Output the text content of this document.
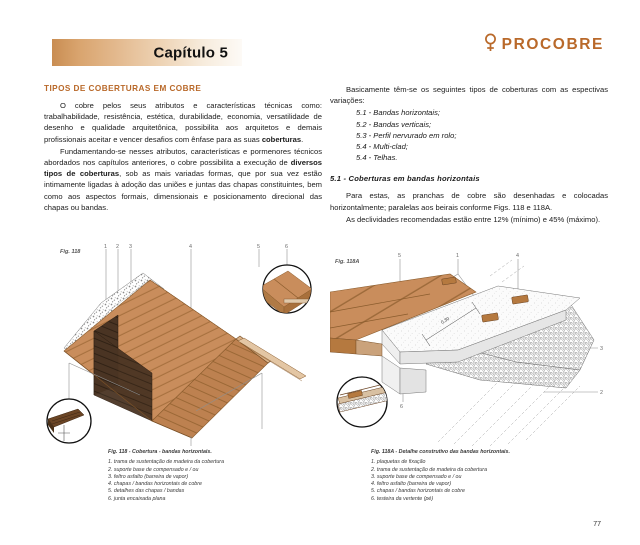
Capítulo 5	PROCOBRE
TIPOS DE COBERTURAS EM COBRE

O cobre pelos seus atributos e características técnicas como: trabalhabilidade, resistência, estética, durabilidade, economia, versatilidade de desenho e qualidade arquitetônica, possibilita aos arquitetos e demais profissionais aceitar e vencer desafios com ênfase para as suas coberturas.

Fundamentando-se nesses atributos, características e pormenores técnicos abordados nos capítulos anteriores, o cobre possibilita a execução de diversos tipos de coberturas, sob as mais variadas formas, que por sua vez estão intimamente ligadas à adoção das uniões e juntas das chapas constituintes, bem como aos aspectos formais, dimensionais e posicionamento direcional das chapas ou bandas.

Basicamente têm-se os seguintes tipos de coberturas com as espectivas variações:

5.1 - Bandas horizontais;
5.2 - Bandas verticais;
5.3 - Perfil nervurado em rolo;
5.4 - Multi-clad;
5.4 - Telhas.
5.1 - Coberturas em bandas horizontais

Para estas, as pranchas de cobre são desenhadas e colocadas horizontalmente; paralelas aos beirais conforme Figs. 118 e 118A.

As declividades recomendadas estão entre 12% (mínimo) e 45% (máximo).

Fig. 118
1 2 3	4	5	6
Fig. 118A
5	1	4
3
2
6
0,30
Fig. 118 - Cobertura - bandas horizontais.
1. trama de sustentação de madeira da cobertura
2. suporte base de compensado e / ou
3. feltro asfalto (barreira de vapor)
4. chapas / bandas horizontais de cobre
5. detalhes das chapas / bandas
6. junta encaixada plana
Fig. 118A - Detalhe construtivo das bandas horizontais.
1. plaquetas de fixação
2. trama de sustentação de madeira da cobertura
3. suporte base de compensado e / ou
4. feltro asfalto (barreira de vapor)
5. chapas / bandas horizontais de cobre
6. testeira da vertente (pé)
77
